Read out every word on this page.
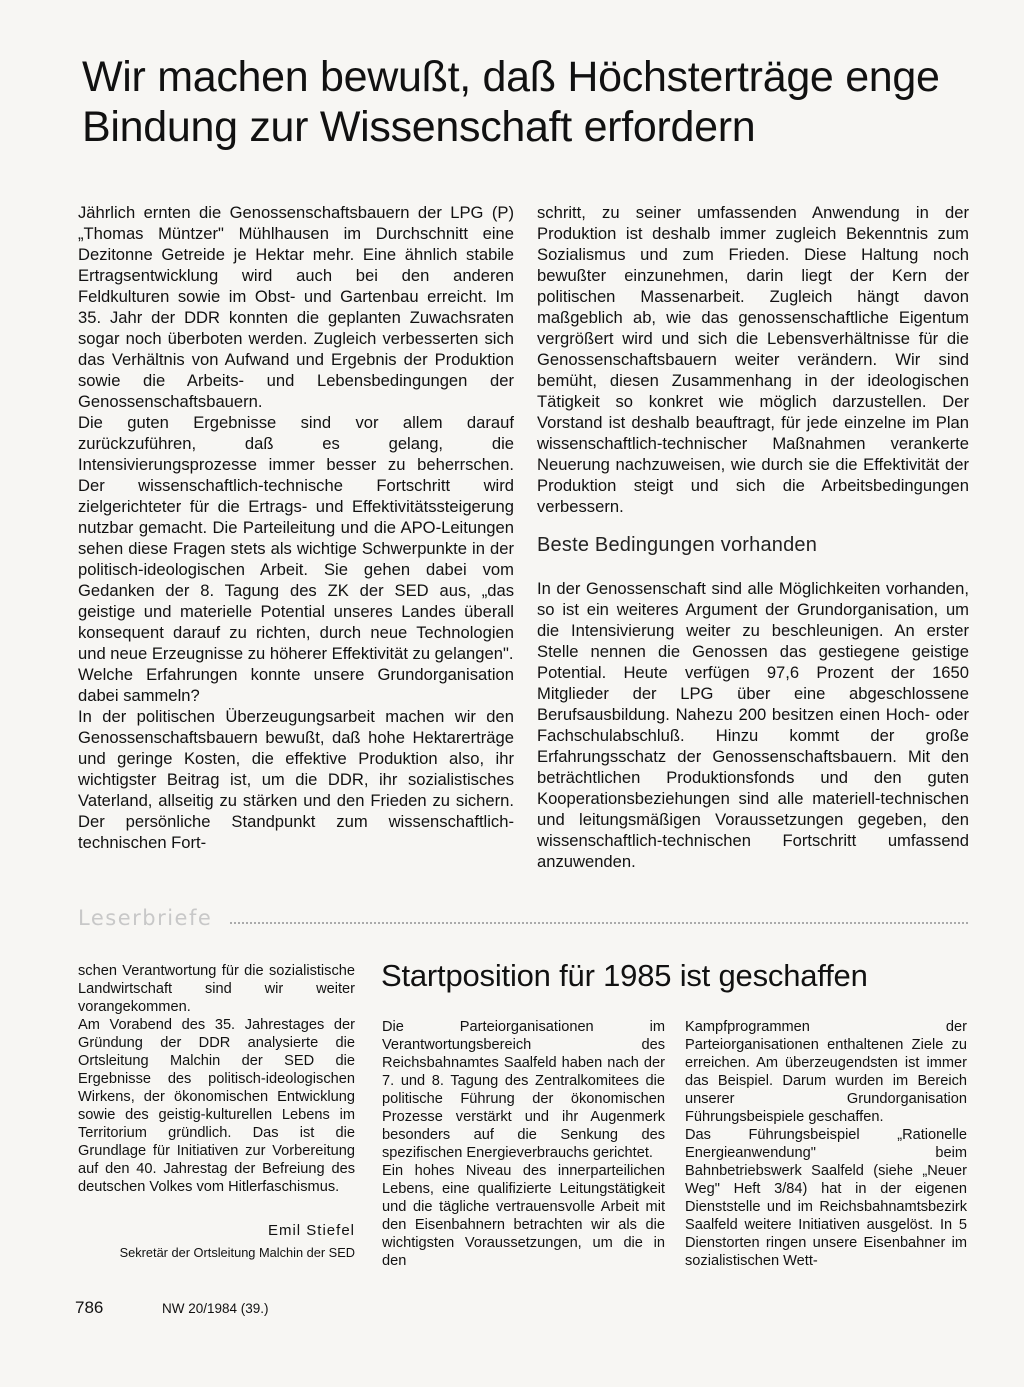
Wir machen bewußt, daß Höchsterträge enge Bindung zur Wissenschaft erfordern

Jährlich ernten die Genossenschaftsbauern der LPG (P) „Thomas Müntzer" Mühlhausen im Durchschnitt eine Dezitonne Getreide je Hektar mehr. Eine ähnlich stabile Ertragsentwicklung wird auch bei den anderen Feldkulturen sowie im Obst- und Gartenbau erreicht. Im 35. Jahr der DDR konnten die geplanten Zuwachsraten sogar noch überboten werden. Zugleich verbesserten sich das Verhältnis von Aufwand und Ergebnis der Produktion sowie die Arbeits- und Lebensbedingungen der Genossenschaftsbauern.

Die guten Ergebnisse sind vor allem darauf zurückzuführen, daß es gelang, die Intensivierungsprozesse immer besser zu beherrschen. Der wissenschaftlich-technische Fortschritt wird zielgerichteter für die Ertrags- und Effektivitätssteigerung nutzbar gemacht. Die Parteileitung und die APO-Leitungen sehen diese Fragen stets als wichtige Schwerpunkte in der politisch-ideologischen Arbeit. Sie gehen dabei vom Gedanken der 8. Tagung des ZK der SED aus, „das geistige und materielle Potential unseres Landes überall konsequent darauf zu richten, durch neue Technologien und neue Erzeugnisse zu höherer Effektivität zu gelangen".

Welche Erfahrungen konnte unsere Grundorganisation dabei sammeln?

In der politischen Überzeugungsarbeit machen wir den Genossenschaftsbauern bewußt, daß hohe Hektarerträge und geringe Kosten, die effektive Produktion also, ihr wichtigster Beitrag ist, um die DDR, ihr sozialistisches Vaterland, allseitig zu stärken und den Frieden zu sichern. Der persönliche Standpunkt zum wissenschaftlich-technischen Fort-

schritt, zu seiner umfassenden Anwendung in der Produktion ist deshalb immer zugleich Bekenntnis zum Sozialismus und zum Frieden. Diese Haltung noch bewußter einzunehmen, darin liegt der Kern der politischen Massenarbeit. Zugleich hängt davon maßgeblich ab, wie das genossenschaftliche Eigentum vergrößert wird und sich die Lebensverhältnisse für die Genossenschaftsbauern weiter verändern. Wir sind bemüht, diesen Zusammenhang in der ideologischen Tätigkeit so konkret wie möglich darzustellen. Der Vorstand ist deshalb beauftragt, für jede einzelne im Plan wissenschaftlich-technischer Maßnahmen verankerte Neuerung nachzuweisen, wie durch sie die Effektivität der Produktion steigt und sich die Arbeitsbedingungen verbessern.

Beste Bedingungen vorhanden

In der Genossenschaft sind alle Möglichkeiten vorhanden, so ist ein weiteres Argument der Grundorganisation, um die Intensivierung weiter zu beschleunigen. An erster Stelle nennen die Genossen das gestiegene geistige Potential. Heute verfügen 97,6 Prozent der 1650 Mitglieder der LPG über eine abgeschlossene Berufsausbildung. Nahezu 200 besitzen einen Hoch- oder Fachschulabschluß. Hinzu kommt der große Erfahrungsschatz der Genossenschaftsbauern. Mit den beträchtlichen Produktionsfonds und den guten Kooperationsbeziehungen sind alle materiell-technischen und leitungsmäßigen Voraussetzungen gegeben, den wissenschaftlich-technischen Fortschritt umfassend anzuwenden.

Leserbriefe

schen Verantwortung für die sozialistische Landwirtschaft sind wir weiter vorangekommen.

Am Vorabend des 35. Jahrestages der Gründung der DDR analysierte die Ortsleitung Malchin der SED die Ergebnisse des politisch-ideologischen Wirkens, der ökonomischen Entwicklung sowie des geistig-kulturellen Lebens im Territorium gründlich. Das ist die Grundlage für Initiativen zur Vorbereitung auf den 40. Jahrestag der Befreiung des deutschen Volkes vom Hitlerfaschismus.

Emil Stiefel
Sekretär der Ortsleitung Malchin der SED
Startposition für 1985 ist geschaffen

Die Parteiorganisationen im Verantwortungsbereich des Reichsbahnamtes Saalfeld haben nach der 7. und 8. Tagung des Zentralkomitees die politische Führung der ökonomischen Prozesse verstärkt und ihr Augenmerk besonders auf die Senkung des spezifischen Energieverbrauchs gerichtet.

Ein hohes Niveau des innerparteilichen Lebens, eine qualifizierte Leitungstätigkeit und die tägliche vertrauensvolle Arbeit mit den Eisenbahnern betrachten wir als die wichtigsten Voraussetzungen, um die in den

Kampfprogrammen der Parteiorganisationen enthaltenen Ziele zu erreichen. Am überzeugendsten ist immer das Beispiel. Darum wurden im Bereich unserer Grundorganisation Führungsbeispiele geschaffen.

Das Führungsbeispiel „Rationelle Energieanwendung" beim Bahnbetriebswerk Saalfeld (siehe „Neuer Weg" Heft 3/84) hat in der eigenen Dienststelle und im Reichsbahnamtsbezirk Saalfeld weitere Initiativen ausgelöst. In 5 Dienstorten ringen unsere Eisenbahner im sozialistischen Wett-

786	NW 20/1984 (39.)
